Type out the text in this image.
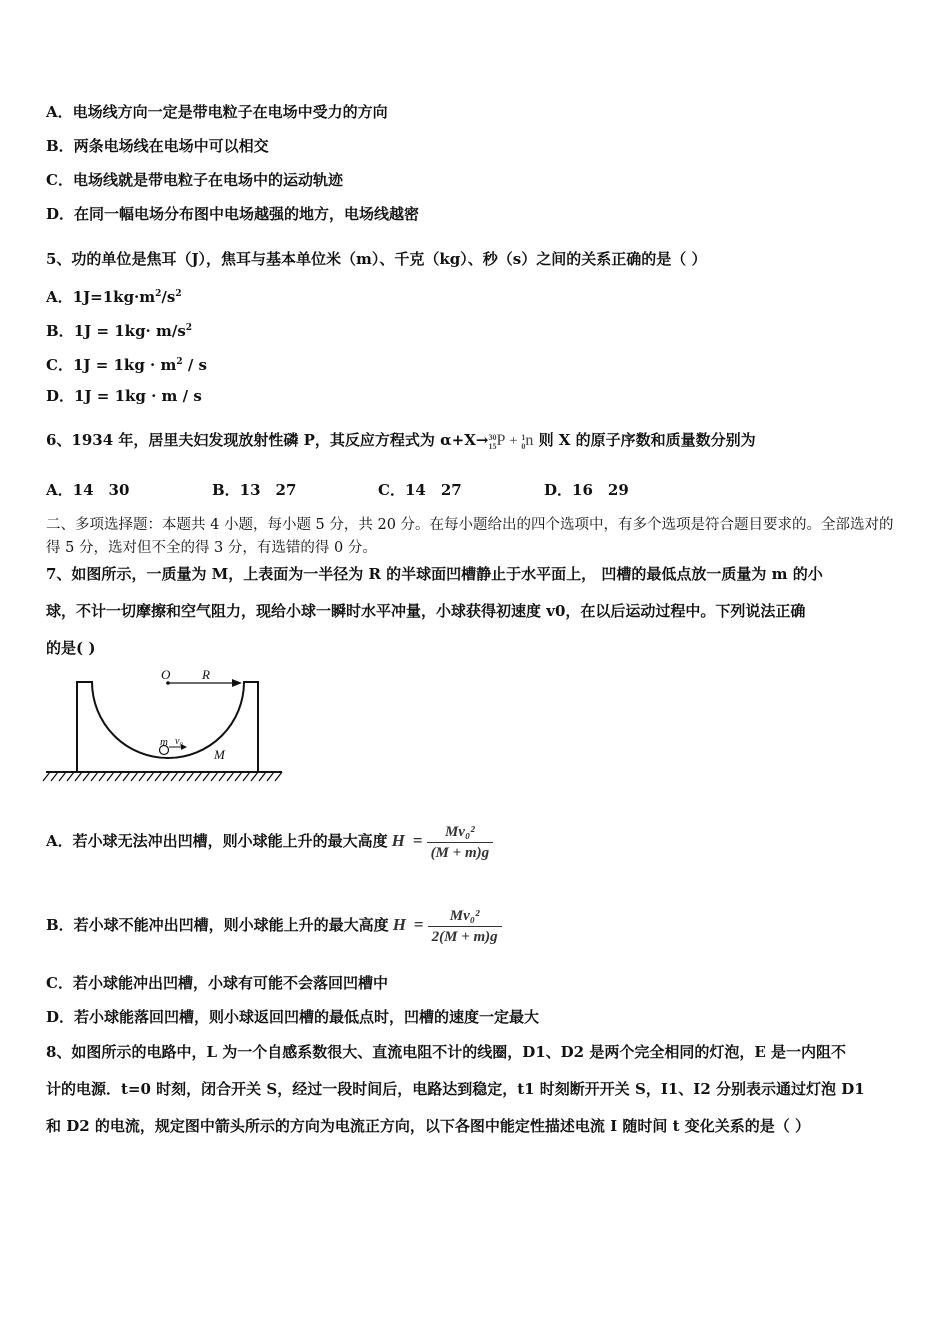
A．电场线方向一定是带电粒子在电场中受力的方向
B．两条电场线在电场中可以相交
C．电场线就是带电粒子在电场中的运动轨迹
D．在同一幅电场分布图中电场越强的地方，电场线越密
5、功的单位是焦耳（J），焦耳与基本单位米（m）、千克（kg）、秒（s）之间的关系正确的是（ ）
A．$1J=1kg\cdot m^2/s^2$
B．$1J = 1kg\cdot m/s^2$
C．$1J = 1kg \cdot m^2 / s$
D．1J = 1kg · m / s
6、1934 年，居里夫妇发现放射性磷 P，其反应方程式为 α+X→30
15P + 1
0n 则 X 的原子序数和质量数分别为
A．14　30	B．13　27	C．14　27	D．16　29
二、多项选择题：本题共 4 小题，每小题 5 分，共 20 分。在每小题给出的四个选项中，有多个选项是符合题目要求的。全部选对的得 5 分，选对但不全的得 3 分，有选错的得 0 分。
7、如图所示，一质量为 M，上表面为一半径为 R 的半球面凹槽静止于水平面上， 凹槽的最低点放一质量为 m 的小
球，不计一切摩擦和空气阻力，现给小球一瞬时水平冲量，小球获得初速度 v0，在以后运动过程中。下列说法正确
的是( )
O R
m v₀
M
A．若小球无法冲出凹槽，则小球能上升的最大高度 $H = \frac{\text{Mv₀²}}{(M + m)g}$
B．若小球不能冲出凹槽，则小球能上升的最大高度 $H = \frac{\text{Mv₀²}}{2(M + m)g}$
C．若小球能冲出凹槽，小球有可能不会落回凹槽中
D．若小球能落回凹槽，则小球返回凹槽的最低点时，凹槽的速度一定最大
8、如图所示的电路中，L 为一个自感系数很大、直流电阻不计的线圈，D1、D2 是两个完全相同的灯泡，E 是一内阻不
计的电源．t=0 时刻，闭合开关 S，经过一段时间后，电路达到稳定，t1 时刻断开开关 S，I1、I2 分别表示通过灯泡 D1
和 D2 的电流，规定图中箭头所示的方向为电流正方向，以下各图中能定性描述电流 I 随时间 t 变化关系的是（ ）
